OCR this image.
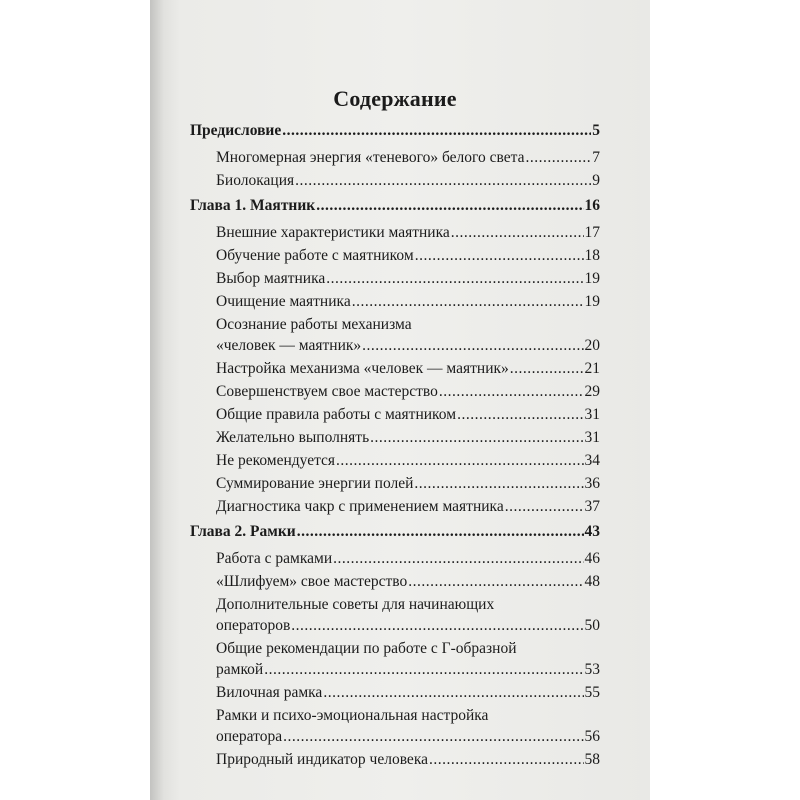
Содержание
Предисловие .....	5
Многомерная энергия «теневого» белого света .....	7
Биолокация .....	9
Глава 1. Маятник .....	16
Внешние характеристики маятника .....	17
Обучение работе с маятником .....	18
Выбор маятника .....	19
Очищение маятника .....	19
Осознание работы механизма
«человек — маятник» .....	20
Настройка механизма «человек — маятник» .....	21
Совершенствуем свое мастерство .....	29
Общие правила работы с маятником .....	31
Желательно выполнять .....	31
Не рекомендуется .....	34
Суммирование энергии полей .....	36
Диагностика чакр с применением маятника .....	37
Глава 2. Рамки .....	43
Работа с рамками .....	46
«Шлифуем» свое мастерство .....	48
Дополнительные советы для начинающих
операторов .....	50
Общие рекомендации по работе с Г-образной
рамкой .....	53
Вилочная рамка .....	55
Рамки и психо-эмоциональная настройка
оператора .....	56
Природный индикатор человека .....	58
